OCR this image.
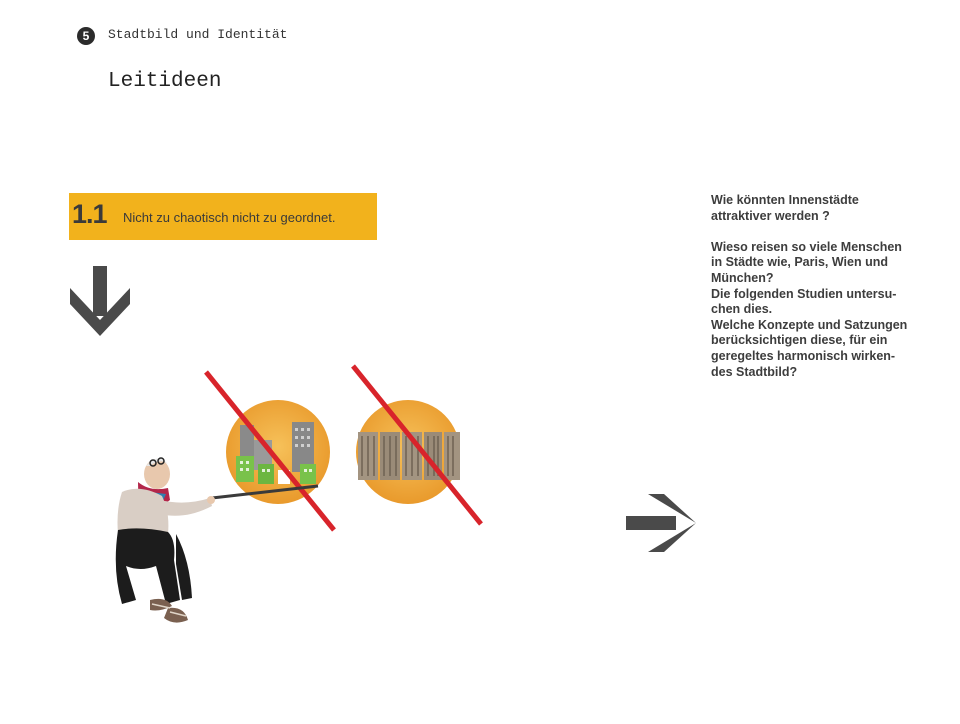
5	Stadtbild und Identität
Leitideen
1.1 Nicht zu chaotisch nicht zu geordnet.

Wie könnten Innenstädte

attraktiver werden ?

Wieso reisen so viele Menschen

in Städte wie, Paris, Wien und

München?

Die folgenden Studien untersu-

chen dies.

Welche Konzepte und Satzungen

berücksichtigen diese, für ein

geregeltes harmonisch wirken-

des Stadtbild?
